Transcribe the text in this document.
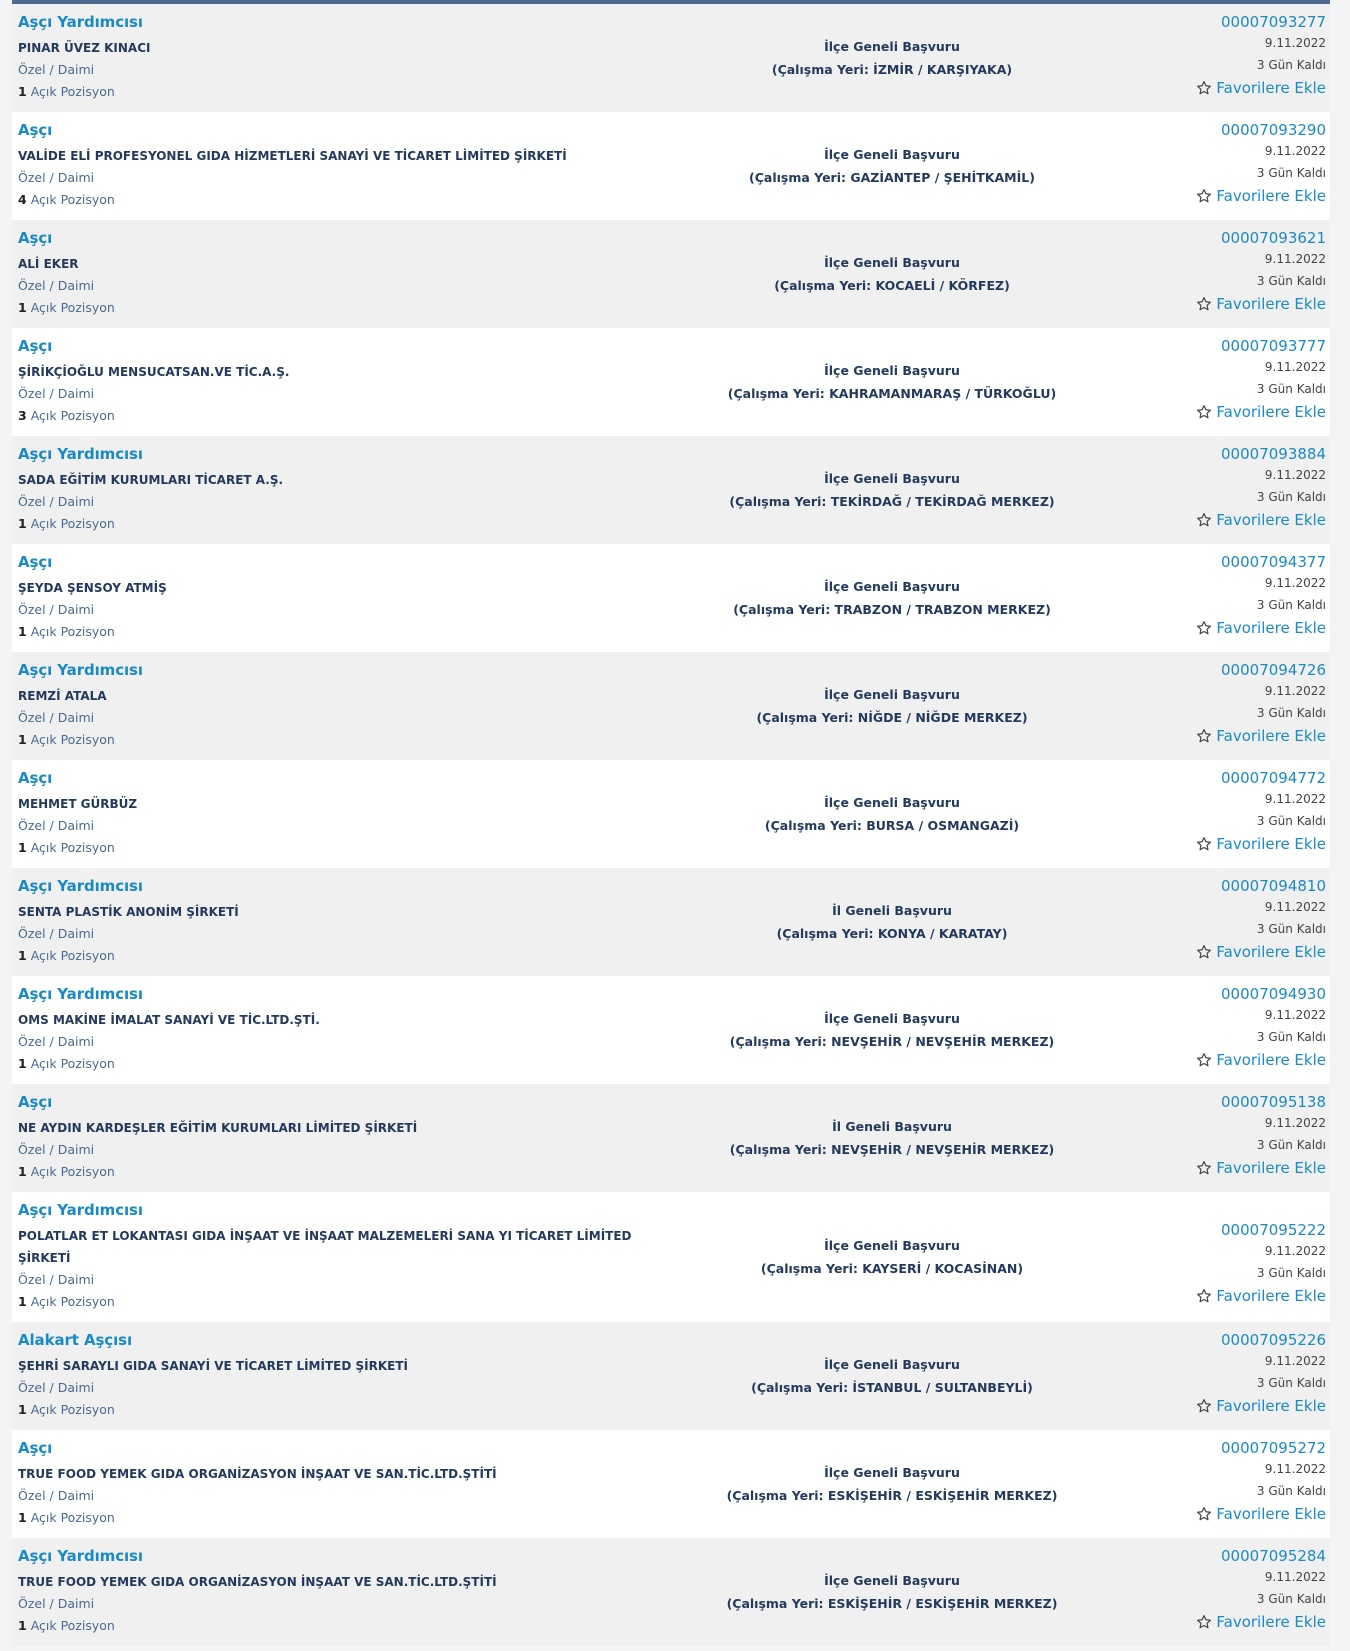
Aşçı Yardımcısı
PINAR ÜVEZ KINACI
Özel / Daimi
1 Açık Pozisyon
İlçe Geneli Başvuru
(Çalışma Yeri: İZMİR / KARŞIYAKA)
00007093277
9.11.2022
3 Gün Kaldı
Favorilere Ekle
Aşçı
VALİDE ELİ PROFESYONEL GIDA HİZMETLERİ SANAYİ VE TİCARET LİMİTED ŞİRKETİ
Özel / Daimi
4 Açık Pozisyon
İlçe Geneli Başvuru
(Çalışma Yeri: GAZİANTEP / ŞEHİTKAMİL)
00007093290
9.11.2022
3 Gün Kaldı
Favorilere Ekle
Aşçı
ALİ EKER
Özel / Daimi
1 Açık Pozisyon
İlçe Geneli Başvuru
(Çalışma Yeri: KOCAELİ / KÖRFEZ)
00007093621
9.11.2022
3 Gün Kaldı
Favorilere Ekle
Aşçı
ŞİRİKÇİOĞLU MENSUCATSAN.VE TİC.A.Ş.
Özel / Daimi
3 Açık Pozisyon
İlçe Geneli Başvuru
(Çalışma Yeri: KAHRAMANMARAŞ / TÜRKOĞLU)
00007093777
9.11.2022
3 Gün Kaldı
Favorilere Ekle
Aşçı Yardımcısı
SADA EĞİTİM KURUMLARI TİCARET A.Ş.
Özel / Daimi
1 Açık Pozisyon
İlçe Geneli Başvuru
(Çalışma Yeri: TEKİRDAĞ / TEKİRDAĞ MERKEZ)
00007093884
9.11.2022
3 Gün Kaldı
Favorilere Ekle
Aşçı
ŞEYDA ŞENSOY ATMİŞ
Özel / Daimi
1 Açık Pozisyon
İlçe Geneli Başvuru
(Çalışma Yeri: TRABZON / TRABZON MERKEZ)
00007094377
9.11.2022
3 Gün Kaldı
Favorilere Ekle
Aşçı Yardımcısı
REMZİ ATALA
Özel / Daimi
1 Açık Pozisyon
İlçe Geneli Başvuru
(Çalışma Yeri: NİĞDE / NİĞDE MERKEZ)
00007094726
9.11.2022
3 Gün Kaldı
Favorilere Ekle
Aşçı
MEHMET GÜRBÜZ
Özel / Daimi
1 Açık Pozisyon
İlçe Geneli Başvuru
(Çalışma Yeri: BURSA / OSMANGAZİ)
00007094772
9.11.2022
3 Gün Kaldı
Favorilere Ekle
Aşçı Yardımcısı
SENTA PLASTİK ANONİM ŞİRKETİ
Özel / Daimi
1 Açık Pozisyon
İl Geneli Başvuru
(Çalışma Yeri: KONYA / KARATAY)
00007094810
9.11.2022
3 Gün Kaldı
Favorilere Ekle
Aşçı Yardımcısı
OMS MAKİNE İMALAT SANAYİ VE TİC.LTD.ŞTİ.
Özel / Daimi
1 Açık Pozisyon
İlçe Geneli Başvuru
(Çalışma Yeri: NEVŞEHİR / NEVŞEHİR MERKEZ)
00007094930
9.11.2022
3 Gün Kaldı
Favorilere Ekle
Aşçı
NE AYDIN KARDEŞLER EĞİTİM KURUMLARI LİMİTED ŞİRKETİ
Özel / Daimi
1 Açık Pozisyon
İl Geneli Başvuru
(Çalışma Yeri: NEVŞEHİR / NEVŞEHİR MERKEZ)
00007095138
9.11.2022
3 Gün Kaldı
Favorilere Ekle
Aşçı Yardımcısı
POLATLAR ET LOKANTASI GIDA İNŞAAT VE İNŞAAT MALZEMELERİ SANA YI TİCARET LİMİTED ŞİRKETİ
Özel / Daimi
1 Açık Pozisyon
İlçe Geneli Başvuru
(Çalışma Yeri: KAYSERİ / KOCASİNAN)
00007095222
9.11.2022
3 Gün Kaldı
Favorilere Ekle
Alakart Aşçısı
ŞEHRİ SARAYLI GIDA SANAYİ VE TİCARET LİMİTED ŞİRKETİ
Özel / Daimi
1 Açık Pozisyon
İlçe Geneli Başvuru
(Çalışma Yeri: İSTANBUL / SULTANBEYLİ)
00007095226
9.11.2022
3 Gün Kaldı
Favorilere Ekle
Aşçı
TRUE FOOD YEMEK GIDA ORGANİZASYON İNŞAAT VE SAN.TİC.LTD.ŞTİTİ
Özel / Daimi
1 Açık Pozisyon
İlçe Geneli Başvuru
(Çalışma Yeri: ESKİŞEHİR / ESKİŞEHİR MERKEZ)
00007095272
9.11.2022
3 Gün Kaldı
Favorilere Ekle
Aşçı Yardımcısı
TRUE FOOD YEMEK GIDA ORGANİZASYON İNŞAAT VE SAN.TİC.LTD.ŞTİTİ
Özel / Daimi
1 Açık Pozisyon
İlçe Geneli Başvuru
(Çalışma Yeri: ESKİŞEHİR / ESKİŞEHİR MERKEZ)
00007095284
9.11.2022
3 Gün Kaldı
Favorilere Ekle
